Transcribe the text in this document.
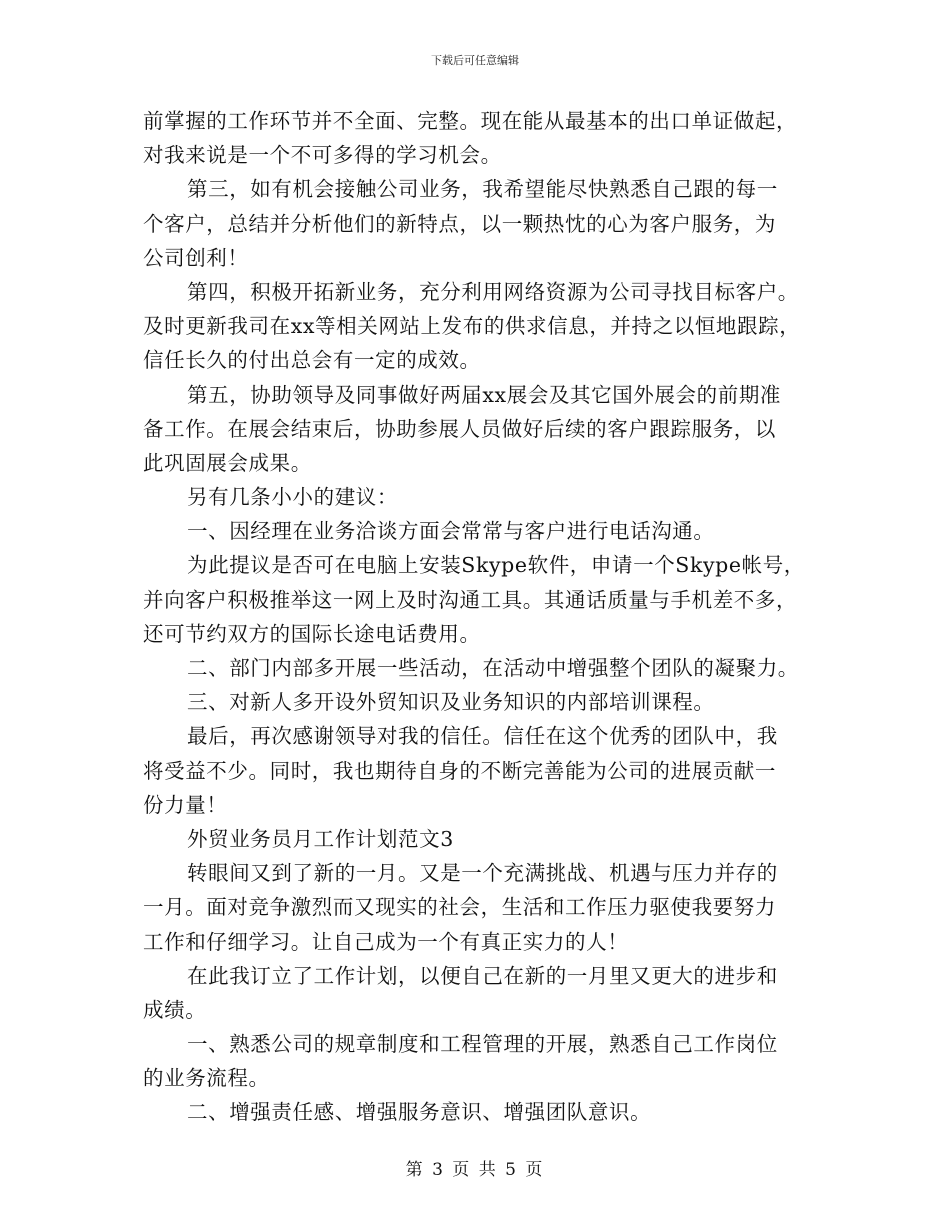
下载后可任意编辑
前掌握的工作环节并不全面、完整。现在能从最基本的出口单证做起，
对我来说是一个不可多得的学习机会。
第三，如有机会接触公司业务，我希望能尽快熟悉自己跟的每一
个客户，总结并分析他们的新特点，以一颗热忱的心为客户服务，为
公司创利！
第四，积极开拓新业务，充分利用网络资源为公司寻找目标客户。
及时更新我司在xx等相关网站上发布的供求信息，并持之以恒地跟踪，
信任长久的付出总会有一定的成效。
第五，协助领导及同事做好两届xx展会及其它国外展会的前期准
备工作。在展会结束后，协助参展人员做好后续的客户跟踪服务，以
此巩固展会成果。
另有几条小小的建议：
一、因经理在业务洽谈方面会常常与客户进行电话沟通。
为此提议是否可在电脑上安装Skype软件，申请一个Skype帐号，
并向客户积极推举这一网上及时沟通工具。其通话质量与手机差不多，
还可节约双方的国际长途电话费用。
二、部门内部多开展一些活动，在活动中增强整个团队的凝聚力。
三、对新人多开设外贸知识及业务知识的内部培训课程。
最后，再次感谢领导对我的信任。信任在这个优秀的团队中，我
将受益不少。同时，我也期待自身的不断完善能为公司的进展贡献一
份力量！
外贸业务员月工作计划范文3
转眼间又到了新的一月。又是一个充满挑战、机遇与压力并存的
一月。面对竞争激烈而又现实的社会，生活和工作压力驱使我要努力
工作和仔细学习。让自己成为一个有真正实力的人！
在此我订立了工作计划，以便自己在新的一月里又更大的进步和
成绩。
一、熟悉公司的规章制度和工程管理的开展，熟悉自己工作岗位
的业务流程。
二、增强责任感、增强服务意识、增强团队意识。
第 3 页 共 5 页
